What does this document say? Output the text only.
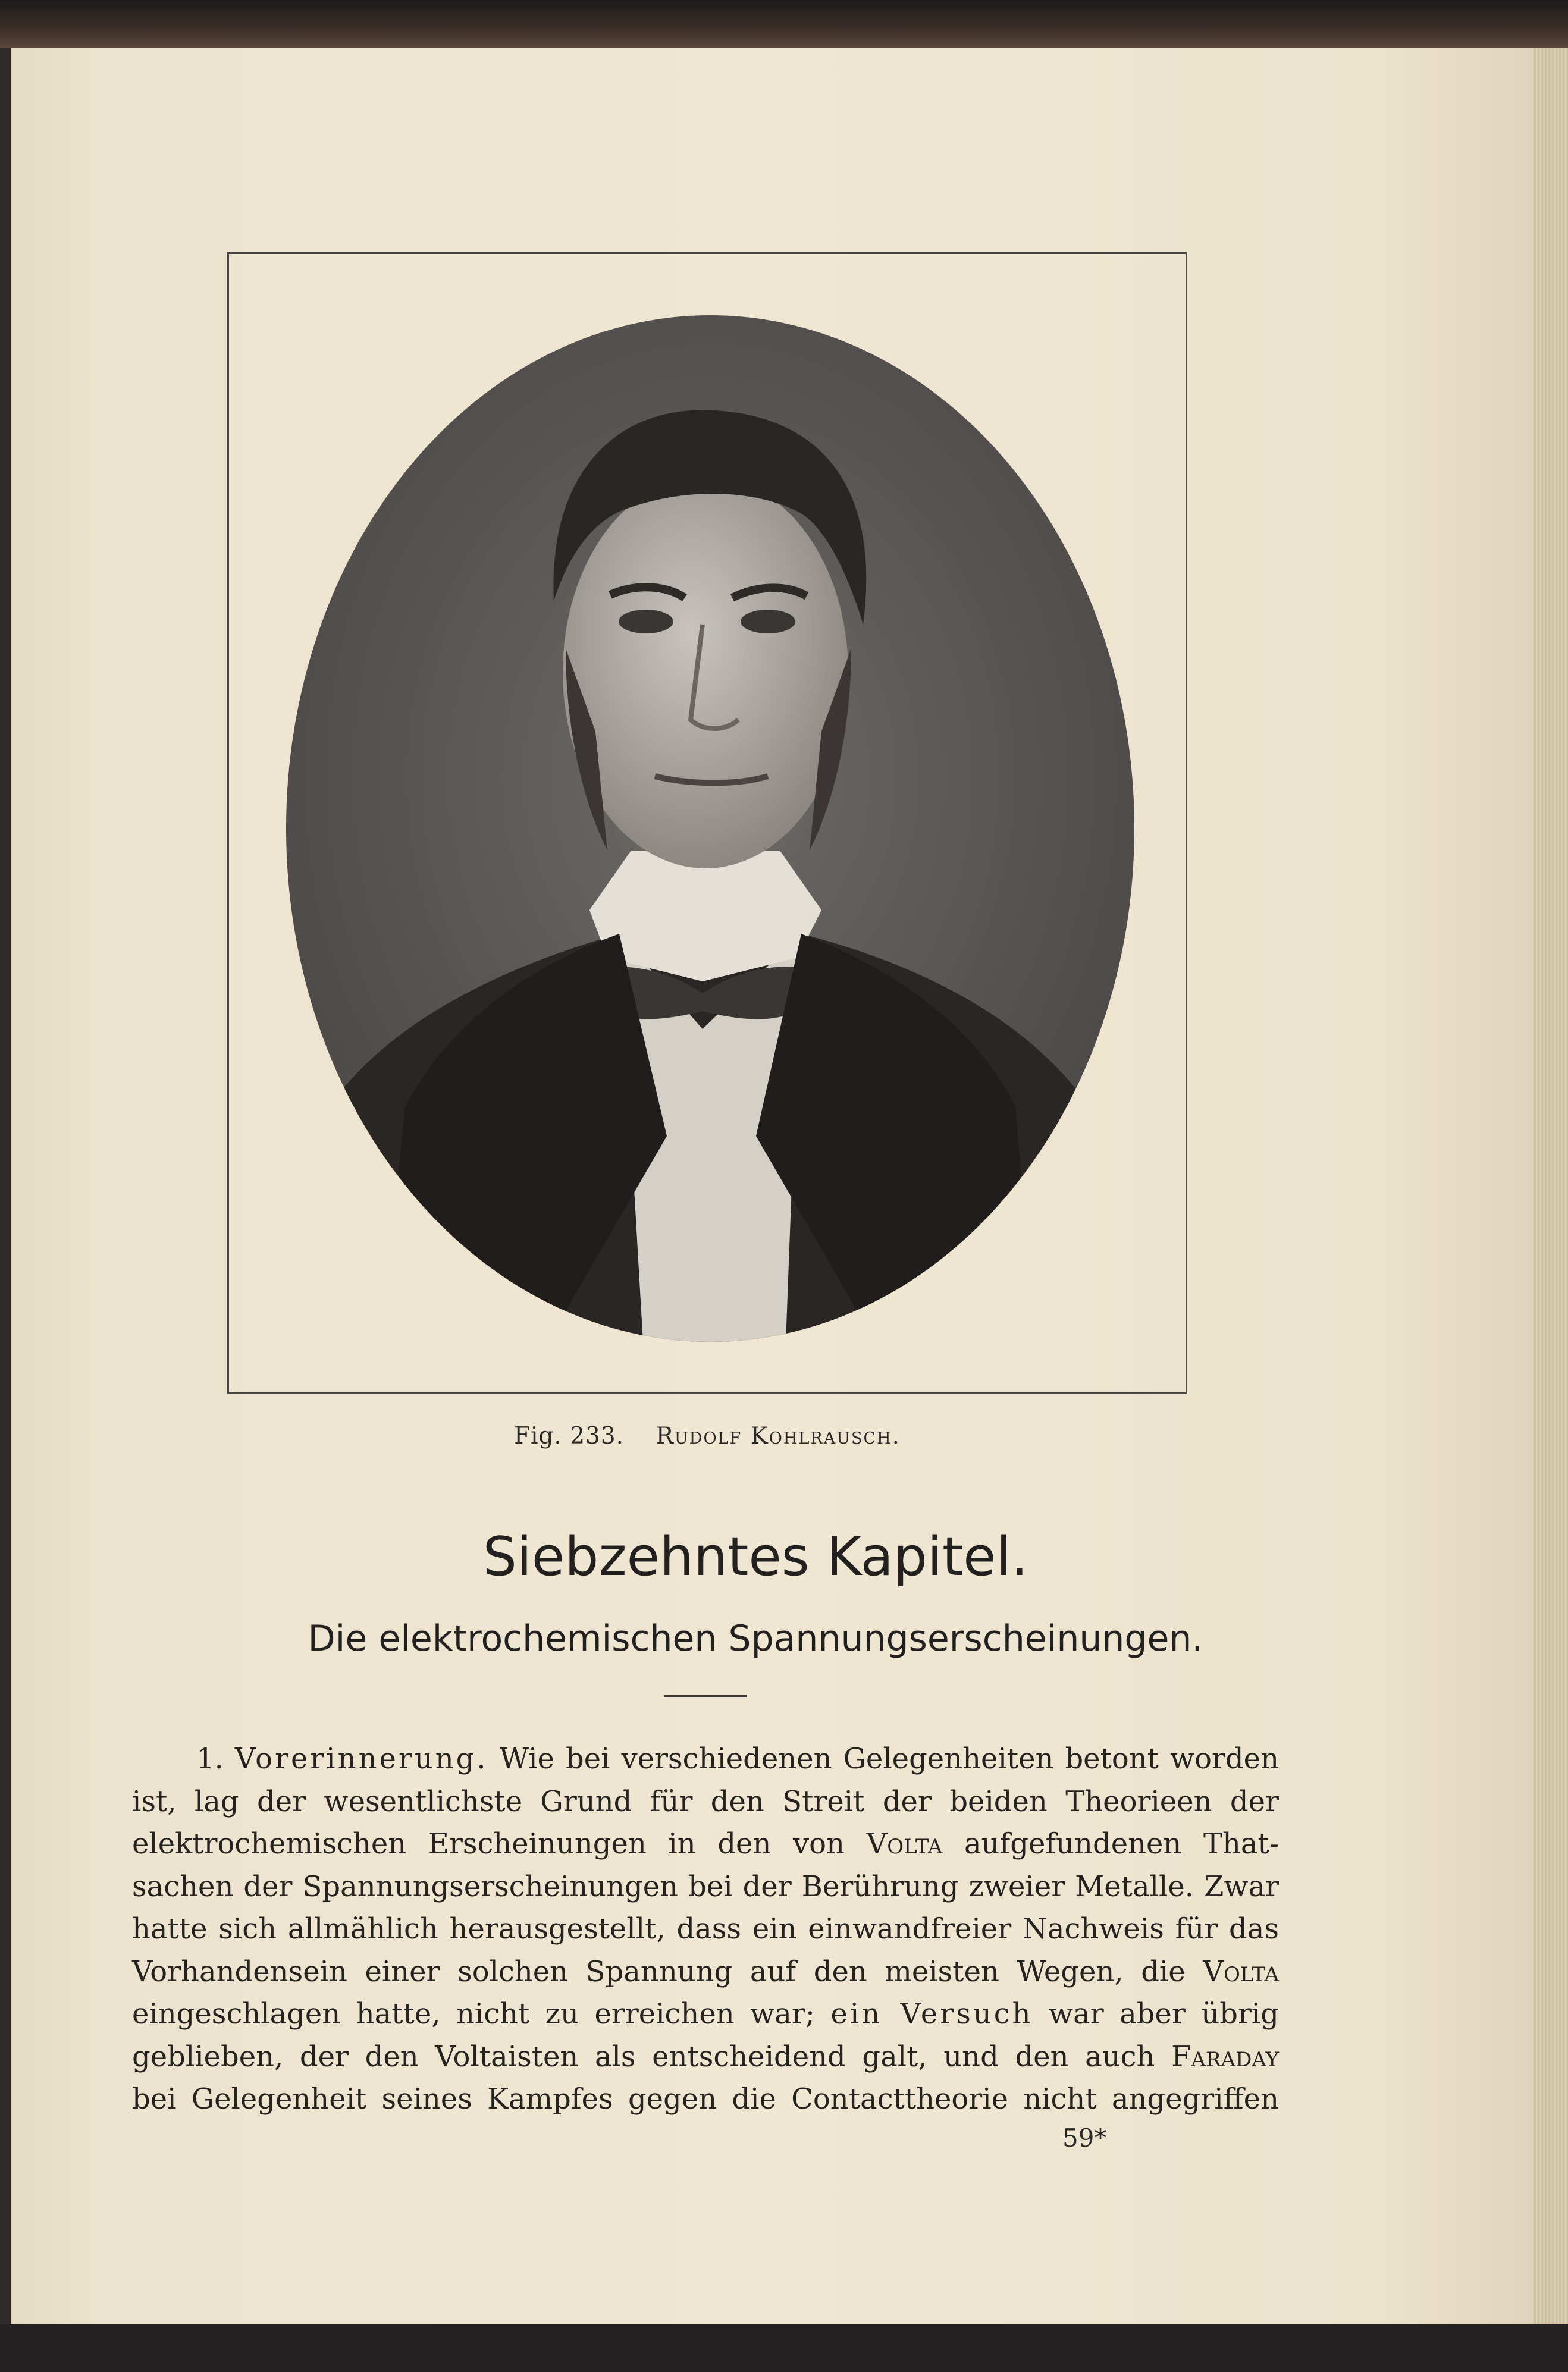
Fig. 233. Rudolf Kohlrausch.
Siebzehntes Kapitel.
Die elektrochemischen Spannungserscheinungen.
1. Vorerinnerung. Wie bei verschiedenen Gelegenheiten betont worden
ist, lag der wesentlichste Grund für den Streit der beiden Theorieen der
elektrochemischen Erscheinungen in den von Volta aufgefundenen That-
sachen der Spannungserscheinungen bei der Berührung zweier Metalle. Zwar
hatte sich allmählich herausgestellt, dass ein einwandfreier Nachweis für das
Vorhandensein einer solchen Spannung auf den meisten Wegen, die Volta
eingeschlagen hatte, nicht zu erreichen war; ein Versuch war aber übrig
geblieben, der den Voltaisten als entscheidend galt, und den auch Faraday
bei Gelegenheit seines Kampfes gegen die Contacttheorie nicht angegriffen
59*
